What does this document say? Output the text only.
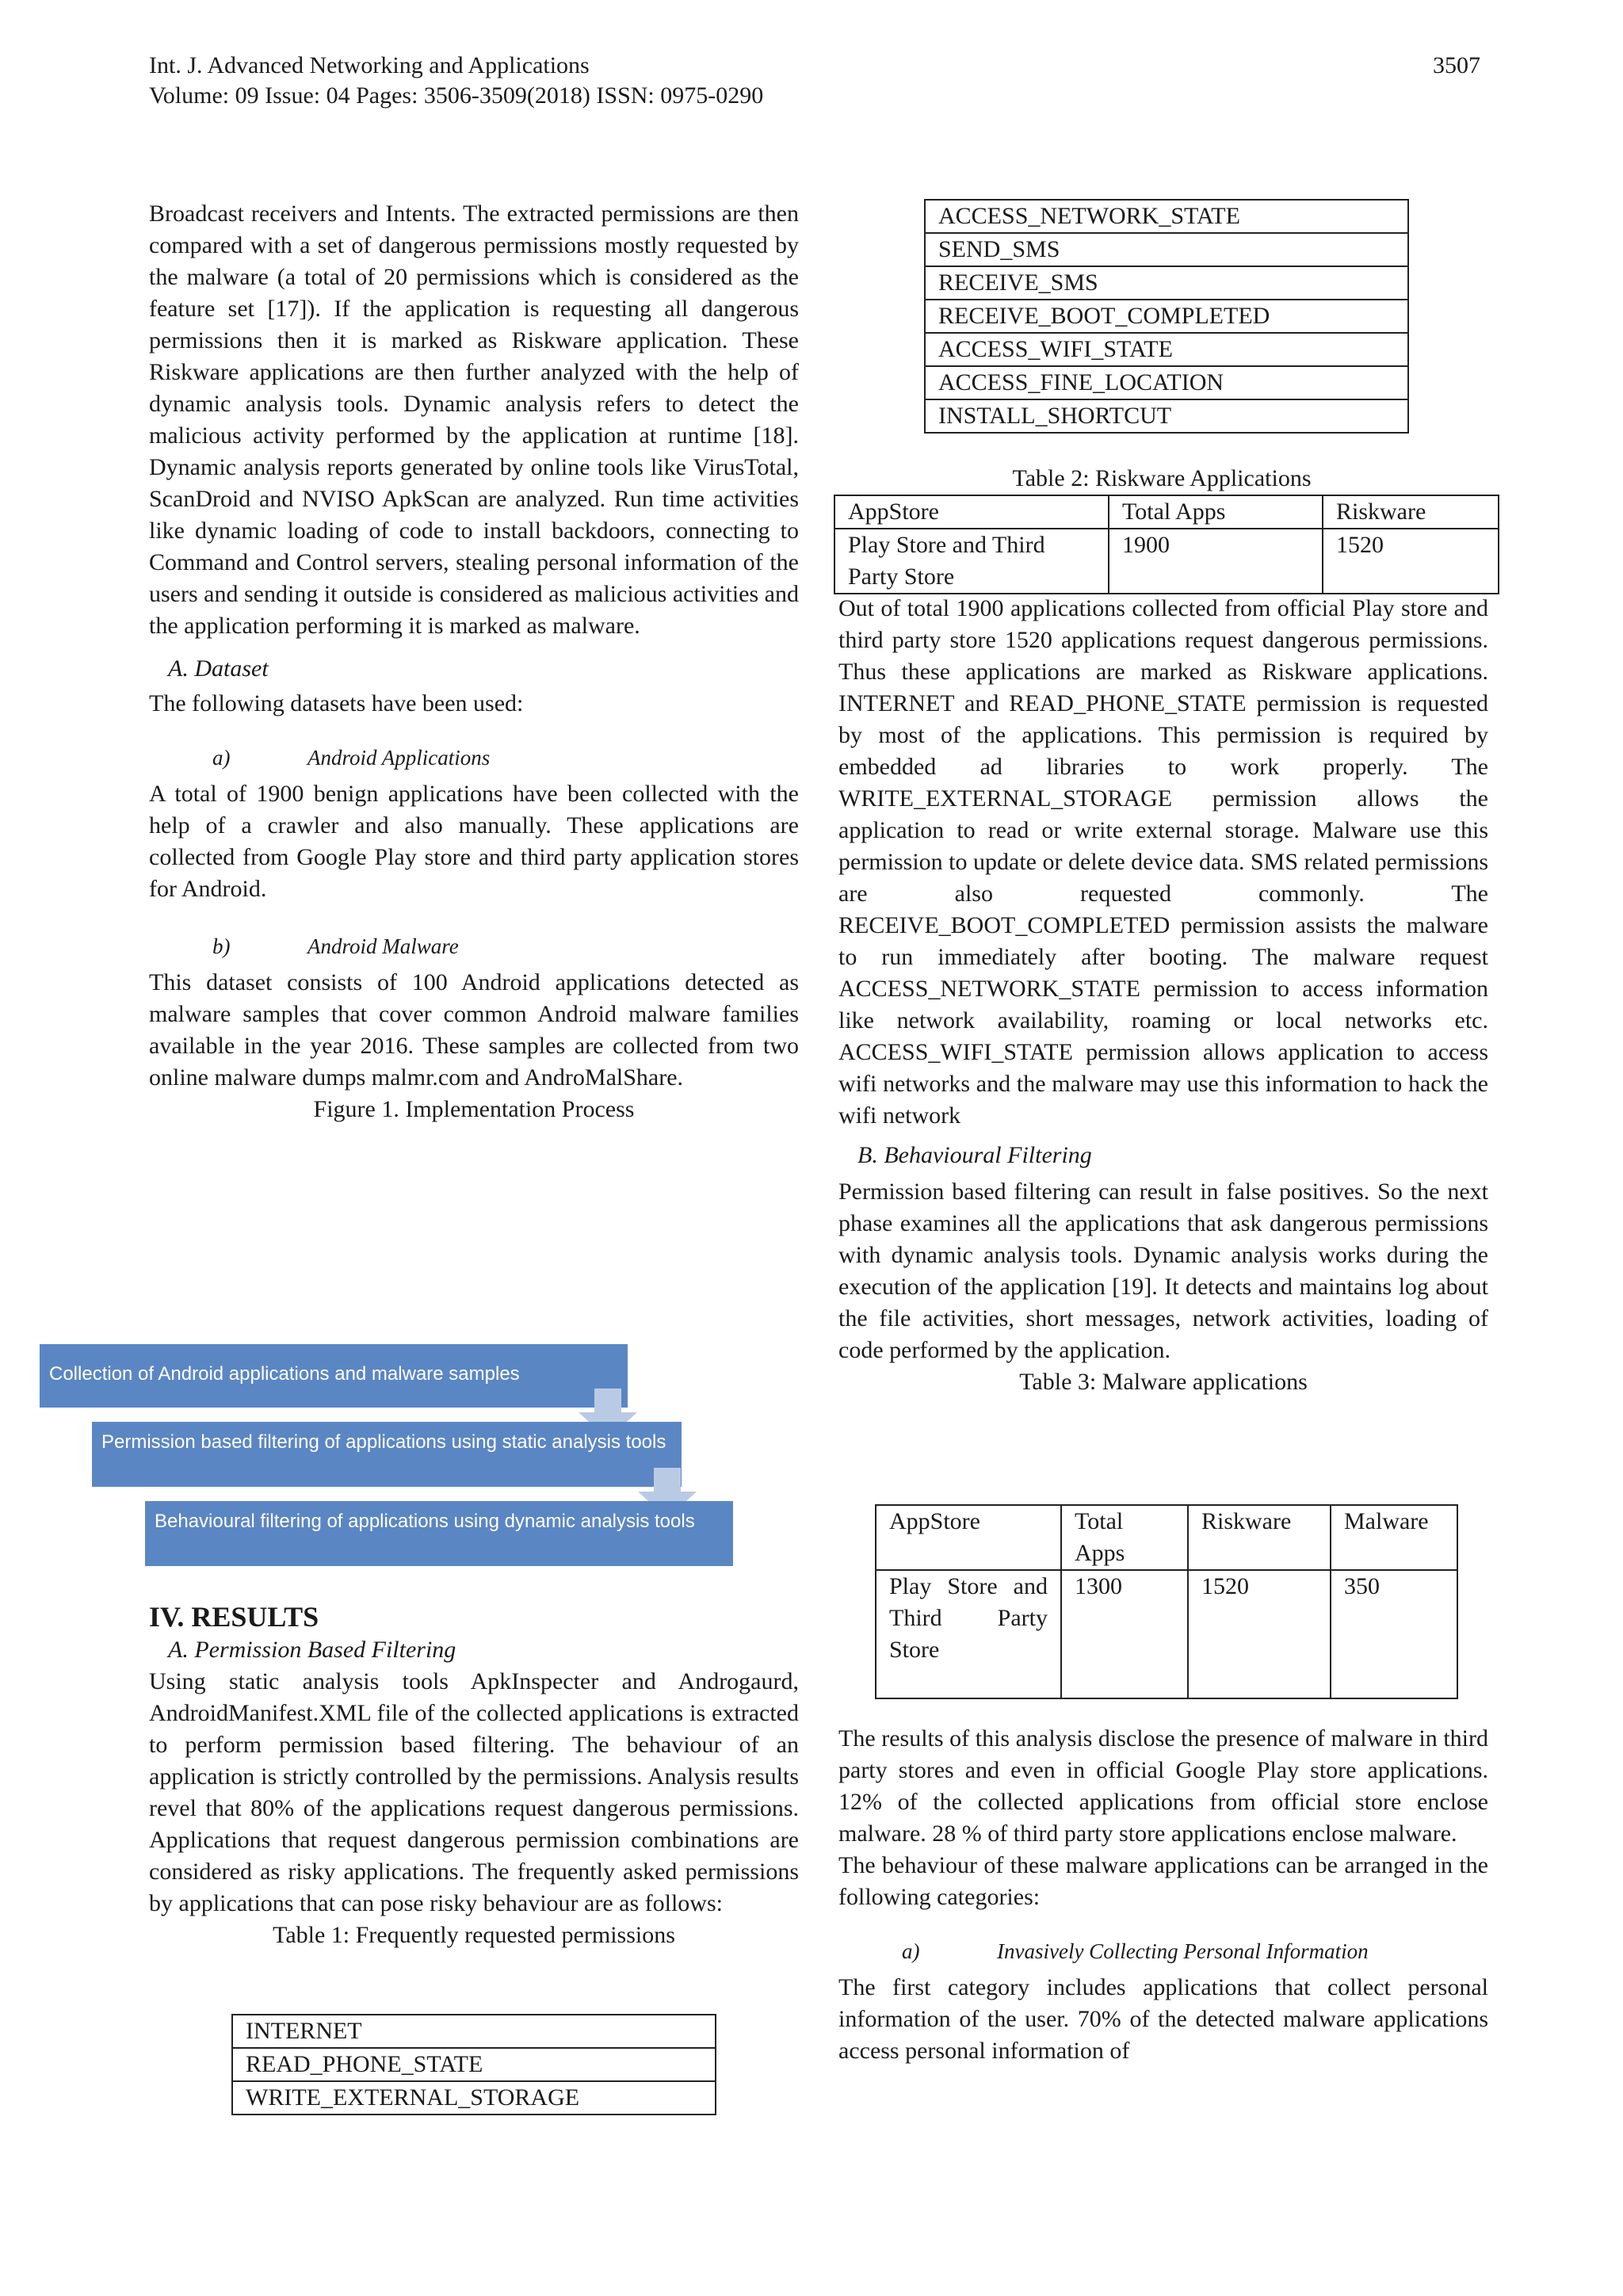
Int. J. Advanced Networking and Applications
Volume: 09 Issue: 04 Pages: 3506-3509(2018) ISSN: 0975-0290
3507

Broadcast receivers and Intents. The extracted permissions are then compared with a set of dangerous permissions mostly requested by the malware (a total of 20 permissions which is considered as the feature set [17]). If the application is requesting all dangerous permissions then it is marked as Riskware application. These Riskware applications are then further analyzed with the help of dynamic analysis tools. Dynamic analysis refers to detect the malicious activity performed by the application at runtime [18]. Dynamic analysis reports generated by online tools like VirusTotal, ScanDroid and NVISO ApkScan are analyzed. Run time activities like dynamic loading of code to install backdoors, connecting to Command and Control servers, stealing personal information of the users and sending it outside is considered as malicious activities and the application performing it is marked as malware.

A. Dataset

The following datasets have been used:

a)	Android Applications

A total of 1900 benign applications have been collected with the help of a crawler and also manually. These applications are collected from Google Play store and third party application stores for Android.

b)	Android Malware

This dataset consists of 100 Android applications detected as malware samples that cover common Android malware families available in the year 2016. These samples are collected from two online malware dumps malmr.com and AndroMalShare.

Figure 1. Implementation Process
Collection of Android applications and malware samples
Permission based filtering of applications using static analysis tools
Behavioural filtering of applications using dynamic analysis tools
IV. RESULTS
A. Permission Based Filtering

Using static analysis tools ApkInspecter and Androgaurd, AndroidManifest.XML file of the collected applications is extracted to perform permission based filtering. The behaviour of an application is strictly controlled by the permissions. Analysis results revel that 80% of the applications request dangerous permissions. Applications that request dangerous permission combinations are considered as risky applications. The frequently asked permissions by applications that can pose risky behaviour are as follows:

Table 1: Frequently requested permissions
INTERNET
READ_PHONE_STATE
WRITE_EXTERNAL_STORAGE
ACCESS_NETWORK_STATE
SEND_SMS
RECEIVE_SMS
RECEIVE_BOOT_COMPLETED
ACCESS_WIFI_STATE
ACCESS_FINE_LOCATION
INSTALL_SHORTCUT
Table 2: Riskware Applications
AppStore	Total Apps	Riskware
Play Store and Third Party Store	1900	1520

Out of total 1900 applications collected from official Play store and third party store 1520 applications request dangerous permissions. Thus these applications are marked as Riskware applications. INTERNET and READ_PHONE_STATE permission is requested by most of the applications. This permission is required by embedded ad libraries to work properly. The WRITE_EXTERNAL_STORAGE permission allows the application to read or write external storage. Malware use this permission to update or delete device data. SMS related permissions are also requested commonly. The RECEIVE_BOOT_COMPLETED permission assists the malware to run immediately after booting. The malware request ACCESS_NETWORK_STATE permission to access information like network availability, roaming or local networks etc. ACCESS_WIFI_STATE permission allows application to access wifi networks and the malware may use this information to hack the wifi network

B. Behavioural Filtering

Permission based filtering can result in false positives. So the next phase examines all the applications that ask dangerous permissions with dynamic analysis tools. Dynamic analysis works during the execution of the application [19]. It detects and maintains log about the file activities, short messages, network activities, loading of code performed by the application.

Table 3: Malware applications
AppStore	Total Apps	Riskware	Malware
Play Store and Third Party Store	1300	1520	350

The results of this analysis disclose the presence of malware in third party stores and even in official Google Play store applications. 12% of the collected applications from official store enclose malware. 28 % of third party store applications enclose malware.

The behaviour of these malware applications can be arranged in the following categories:

a)	Invasively Collecting Personal Information

The first category includes applications that collect personal information of the user. 70% of the detected malware applications access personal information of
